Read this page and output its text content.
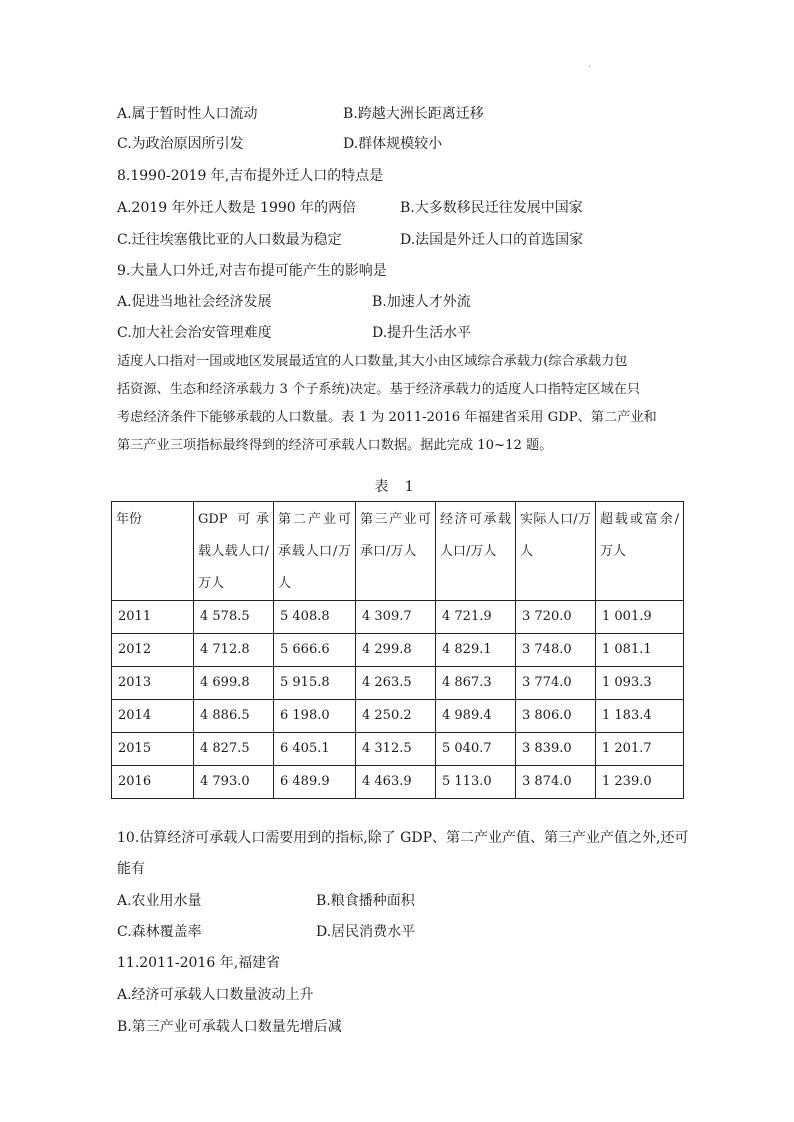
·
A.属于暂时性人口流动	B.跨越大洲长距离迁移
C.为政治原因所引发	D.群体规模较小
8.1990-2019 年,吉布提外迁人口的特点是
A.2019 年外迁人数是 1990 年的两倍	B.大多数移民迁往发展中国家
C.迁往埃塞俄比亚的人口数最为稳定	D.法国是外迁人口的首选国家
9.大量人口外迁,对吉布提可能产生的影响是
A.促进当地社会经济发展	B.加速人才外流
C.加大社会治安管理难度	D.提升生活水平
适度人口指对一国或地区发展最适宜的人口数量,其大小由区域综合承载力(综合承载力包
括资源、生态和经济承载力 3 个子系统)决定。基于经济承载力的适度人口指特定区域在只
考虑经济条件下能够承载的人口数量。表 1 为 2011-2016 年福建省采用 GDP、第二产业和
第三产业三项指标最终得到的经济可承载人口数据。据此完成 10~12 题。
表 1
年份	GDP 可承载人载人口/万人	第二产业可承载人口/万人	第三产业可承口/万人	经济可承载人口/万人	实际人口/万人	超载或富余/万人
2011	4 578.5	5 408.8	4 309.7	4 721.9	3 720.0	1 001.9
2012	4 712.8	5 666.6	4 299.8	4 829.1	3 748.0	1 081.1
2013	4 699.8	5 915.8	4 263.5	4 867.3	3 774.0	1 093.3
2014	4 886.5	6 198.0	4 250.2	4 989.4	3 806.0	1 183.4
2015	4 827.5	6 405.1	4 312.5	5 040.7	3 839.0	1 201.7
2016	4 793.0	6 489.9	4 463.9	5 113.0	3 874.0	1 239.0
10.估算经济可承载人口需要用到的指标,除了 GDP、第二产业产值、第三产业产值之外,还可
能有
A.农业用水量	B.粮食播种面积
C.森林覆盖率	D.居民消费水平
11.2011-2016 年,福建省
A.经济可承载人口数量波动上升
B.第三产业可承载人口数量先增后减
